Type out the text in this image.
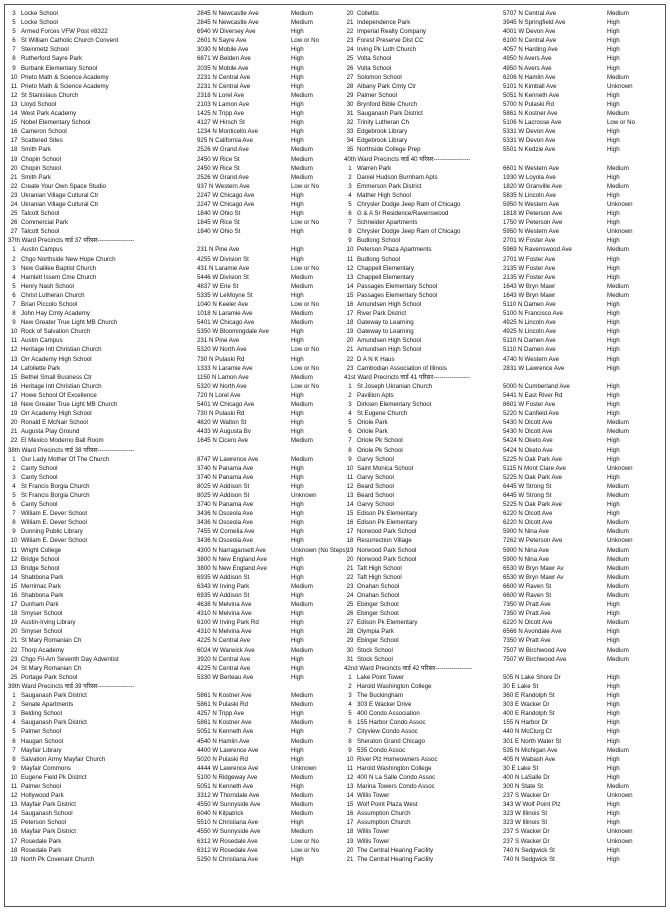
3 Locke School	2845 N Newcastle Ave	Medium
5 Locke School	2845 N Newcastle Ave	Medium
5 Armed Forces VFW Post #8322	6940 W Diversey Ave	High
6 St William Catholic Church Convent	2601 N Sayre Ave	Low or No
7 Steinmetz School	3030 N Mobile Ave	High
8 Rutherford Sayre Park	6871 W Belden Ave	High
9 Burbank Elementary School	2035 N Mobile Ave	High
10 Prieto Math & Science Academy	2231 N Central Ave	High
11 Prieto Math & Science Academy	2231 N Central Ave	High
12 St Stanislaus Church	2318 N Lorel Ave	Medium
13 Lloyd School	2103 N Lamon Ave	High
14 West Park Academy	1425 N Tripp Ave	High
15 Nobel Elementary School	4127 W Hirsch St	High
16 Cameron School	1234 N Monticello Ave	High
17 Scattered Sites	925 N California Ave	High
18 Smith Park	2526 W Grand Ave	Medium
19 Chopin School	2450 W Rice St	Medium
20 Chopin School	2450 W Rice St	Medium
21 Smith Park	2526 W Grand Ave	Medium
22 Create Your Own Space Studio	937 N Western Ave	Low or No
23 Ukranian Village Cultural Ctr	2247 W Chicago Ave	High
24 Ukranian Village Cultural Ctr	2247 W Chicago Ave	High
25 Talcott School	1840 W Ohio St	High
26 Commercial Park	1845 W Rice St	Low or No
27 Talcott School	1840 W Ohio St	High
37th Ward Precincts वार्ड 37 परिसर------------------
1 Austin Campus	231 N Pine Ave	High
2 Chgo Northside New Hope Church	4255 W Division St	High
3 New Galilee Baptist Church	431 N Laramie Ave	Low or No
4 Hamlett Issem Cme Church	5446 W Division St	Medium
5 Henry Nash School	4837 W Erie St	Medium
6 Christ Lutheran Church	5335 W LeMoyne St	High
7 Brian Piccolo School	1040 N Keeler Ave	Low or No
8 John Hay Cmty Academy	1018 N Laramie Ave	Medium
9 New Greater True Light MB Church	5401 W Chicago Ave	Medium
10 Rock of Salvation Church	5350 W Bloomingdale Ave	High
11 Austin Campus	231 N Pine Ave	High
12 Heritage Intl Christian Church	5320 W North Ave	Low or No
13 Orr Academy High School	730 N Pulaski Rd	High
14 Lafollette Park	1333 N Laramie Ave	Low or No
15 Bethel Small Business Ctr	1150 N Lamon Ave	Medium
16 Heritage Intl Christian Church	5320 W North Ave	Low or No
17 Howe School Of Excellence	720 N Lorel Ave	High
18 New Greater True Light MB Church	5401 W Chicago Ave	Medium
19 Orr Academy High School	730 N Pulaski Rd	High
20 Ronald E McNair School	4820 W Walton St	High
21 Augusta Play Ground	4433 W Augusta Bv	High
22 El Mexico Moderno Ball Room	1645 N Cicero Ave	Medium
38th Ward Precincts वार्ड 38 परिसर------------------
1 Our Lady Mother Of The Church	8747 W Lawrence Ave	Medium
2 Canty School	3740 N Panama Ave	High
3 Canty School	3740 N Panama Ave	High
4 St Francis Borgia Church	8025 W Addison St	High
5 St Francis Borgia Church	8025 W Addison St	Unknown
6 Canty School	3740 N Panama Ave	High
7 William E. Dever School	3436 N Osceola Ave	High
8 William E. Dever School	3436 N Osceola Ave	High
9 Dunning Public Library	7455 W Cornelia Ave	High
10 William E. Dever School	3436 N Osceola Ave	High
11 Wright College	4300 N Narragansett Ave	Unknown (No Steps)
12 Bridge School	3800 N New England Ave	High
13 Bridge School	3800 N New England Ave	High
14 Shabbona Park	6935 W Addison St	High
15 Merrimac Park	6343 W Irving Park	Medium
16 Shabbona Park	6935 W Addison St	High
17 Dunham Park	4638 N Melvina Ave	Medium
18 Smyser School	4310 N Melvina Ave	High
19 Austin-Irving Library	6100 W Irving Park Rd	High
20 Smyser School	4310 N Melvina Ave	High
21 St Mary Romanian Ch	4225 N Central Ave	High
22 Thorp Academy	6024 W Warwick Ave	Medium
23 Chgo Fil-Am Seventh Day Adventist	3920 N Central Ave	High
24 St Mary Romanian Ch	4225 N Central Ave	High
25 Portage Park School	5330 W Berteau Ave	High
39th Ward Precincts वार्ड 39 परिसर------------------
1 Sauganash Park District	5861 N Kostner Ave	Medium
2 Senate Apartments	5861 N Pulaski Rd	Medium
3 Belding School	4257 N Tripp Ave	High
4 Sauganash Park District	5861 N Kostner Ave	Medium
5 Palmer School	5051 N Kenneth Ave	High
6 Haugan School	4540 N Hamlin Ave	Medium
7 Mayfair Library	4400 W Lawrence Ave	High
8 Salvation Army Mayfair Church	5020 N Pulaski Rd	High
9 Mayfair Commons	4444 W Lawrence Ave	Unknown
10 Eugene Field Pk District	5100 N Ridgeway Ave	Medium
11 Palmer School	5051 N Kenneth Ave	High
12 Hollywood Park	3312 W Thorndale Ave	Medium
13 Mayfair Park District	4550 W Sunnyside Ave	Medium
14 Sauganash School	6040 N Kilpatrick	Medium
15 Peterson School	5510 N Christiana Ave	High
16 Mayfair Park District	4550 W Sunnyside Ave	Medium
17 Rosedale Park	6312 W Rosedale Ave	Low or No
18 Rosedale Park	6312 W Rosedale Ave	Low or No
19 North Pk Covenant Church	5250 N Christiana Ave	High
20 Collettis	5707 N Central Ave	Medium
21 Independence Park	3945 N Springfield Ave	High
22 Imperial Realty Company	4001 W Devon Ave	High
23 Forest Preserve Dist CC	6100 N Central Ave	High
24 Irving Pk Luth Church	4057 N Harding Ave	High
25 Volta School	4950 N Avers Ave	High
26 Volta School	4950 N Avers Ave	High
27 Solomon School	6206 N Hamlin Ave	Medium
28 Albany Park Cmty Ctr	5101 N Kimball Ave	Unknown
29 Palmer School	5051 N Kenneth Ave	High
30 Brynford Bible Church	5700 N Pulaski Rd	High
31 Sauganash Park District	5861 N Kostner Ave	Medium
32 Trinity Lutheran Ch	5106 N Lacrosse Ave	Low or No
33 Edgebrook Library	5331 W Devon Ave	High
34 Edgebrook Library	5331 W Devon Ave	High
35 Northside College Prep	5501 N Kedzie Ave	High
40th Ward Precincts वार्ड 40 परिसर------------------
1 Warren Park	6601 N Western Ave	Medium
2 Daniel Hudson Burnham Apts	1930 W Loyola Ave	High
3 Emmerson Park District	1820 W Granville Ave	Medium
4 Mather High School	5835 N Lincoln Ave	High
5 Chrysler Dodge Jeep Ram of Chicago	5950 N Western Ave	Unknown
6 G & A Sr Residence/Ravenswood	1818 W Peterson Ave	High
7 Schneider Apartments	1750 W Peterson Ave	High
8 Chrysler Dodge Jeep Ram of Chicago	5950 N Western Ave	Unknown
9 Budlong School	2701 W Foster Ave	High
10 Peterson Plaza Apartments	5969 N Ravenswood Ave	Medium
11 Budlong School	2701 W Foster Ave	High
12 Chappell Elementary	2135 W Foster Ave	High
13 Chappell Elementary	2135 W Foster Ave	High
14 Passages Elementary School	1643 W Bryn Mawr	Medium
15 Passages Elementary School	1643 W Bryn Mawr	Medium
16 Amundsen High School	5110 N Damen Ave	High
17 River Park District	5100 N Francisco Ave	High
18 Gateway to Learning	4925 N Lincoln Ave	High
19 Gateway to Learning	4925 N Lincoln Ave	High
20 Amundsen High School	5110 N Damen Ave	High
21 Amundsen High School	5110 N Damen Ave	High
22 D A N K Haus	4740 N Western Ave	High
23 Cambodian Association of Illinois	2831 W Lawrence Ave	High
41st Ward Precincts वार्ड 41 परिसर------------------
1 St Joseph Ukranian Church	5000 N Cumberland Ave	High
2 Pavillion Apts	5441 N East River Rd	High
3 Dirksen Elementary School	8601 W Foster Ave	High
4 St Eugene Church	5220 N Canfield Ave	High
5 Oriole Park	5430 N Olcott Ave	Medium
6 Oriole Park	5430 N Olcott Ave	Medium
7 Oriole Pk School	5424 N Oketo Ave	High
8 Oriole Pk School	5424 N Oketo Ave	High
9 Garvy School	5225 N Oak Park Ave	High
10 Saint Monica School	5115 N Mont Clare Ave	Unknown
11 Garvy School	5225 N Oak Park Ave	High
12 Beard School	6445 W Strong St	Medium
13 Beard School	6445 W Strong St	Medium
14 Garvy School	5225 N Oak Park Ave	High
15 Edison Pk Elementary	6220 N Olcott Ave	High
16 Edison Pk Elementary	6220 N Olcott Ave	Medium
17 Norwood Park School	5900 N Nina Ave	Medium
18 Resurrection Village	7262 W Peterson Ave	Unknown
19 Norwood Park School	5900 N Nina Ave	Medium
20 Norwood Park School	5900 N Nina Ave	Medium
21 Taft High School	6530 W Bryn Mawr Av	Medium
22 Taft High School	6530 W Bryn Mawr Av	Medium
23 Onahan School	6600 W Raven St	Medium
24 Onahan School	6600 W Raven St	Medium
25 Ebinger School	7350 W Pratt Ave	High
26 Ebinger School	7350 W Pratt Ave	High
27 Edison Pk Elementary	6220 N Olcott Ave	Medium
28 Olympia Park	6566 N Avondale Ave	High
29 Ebinger School	7350 W Pratt Ave	High
30 Stock School	7507 W Birchwood Ave	Medium
31 Stock School	7507 W Birchwood Ave	Medium
42nd Ward Precincts वार्ड 42 परिसर------------------
1 Lake Point Tower	505 N Lake Shore Dr	High
2 Harold Washington College	30 E Lake St	High
3 The Buckingham	360 E Randolph St	High
4 303 E Wacker Drive	303 E Wacker Dr	High
5 400 Condo Association	400 E Randolph St	High
6 155 Harbor Condo Assoc	155 N Harbor Dr	High
7 Cityview Condo Assoc	440 N McClurg Ct	High
8 Sheraton Grand Chicago	301 E North Water St	High
9 535 Condo Assoc	535 N Michigan Ave	Medium
10 River Plz Homeowners Assoc	405 N Wabash Ave	High
11 Harold Washington College	30 E Lake St	High
12 400 N La Salle Condo Assoc	400 N LaSalle Dr	High
13 Marina Towers Condo Assoc	300 N State St	Medium
14 Willis Tower	237 S Wacker Dr	Unknown
15 Wolf Point Plaza West	343 W Wolf Point Plz	High
16 Assumption Church	323 W Illinois St	High
17 Assumption Church	323 W Illinois St	High
18 Willis Tower	237 S Wacker Dr	Unknown
19 Willis Tower	237 S Wacker Dr	Unknown
20 The Central Hearing Facility	740 N Sedgwick St	High
21 The Central Hearing Facility	740 N Sedgwick St	High
